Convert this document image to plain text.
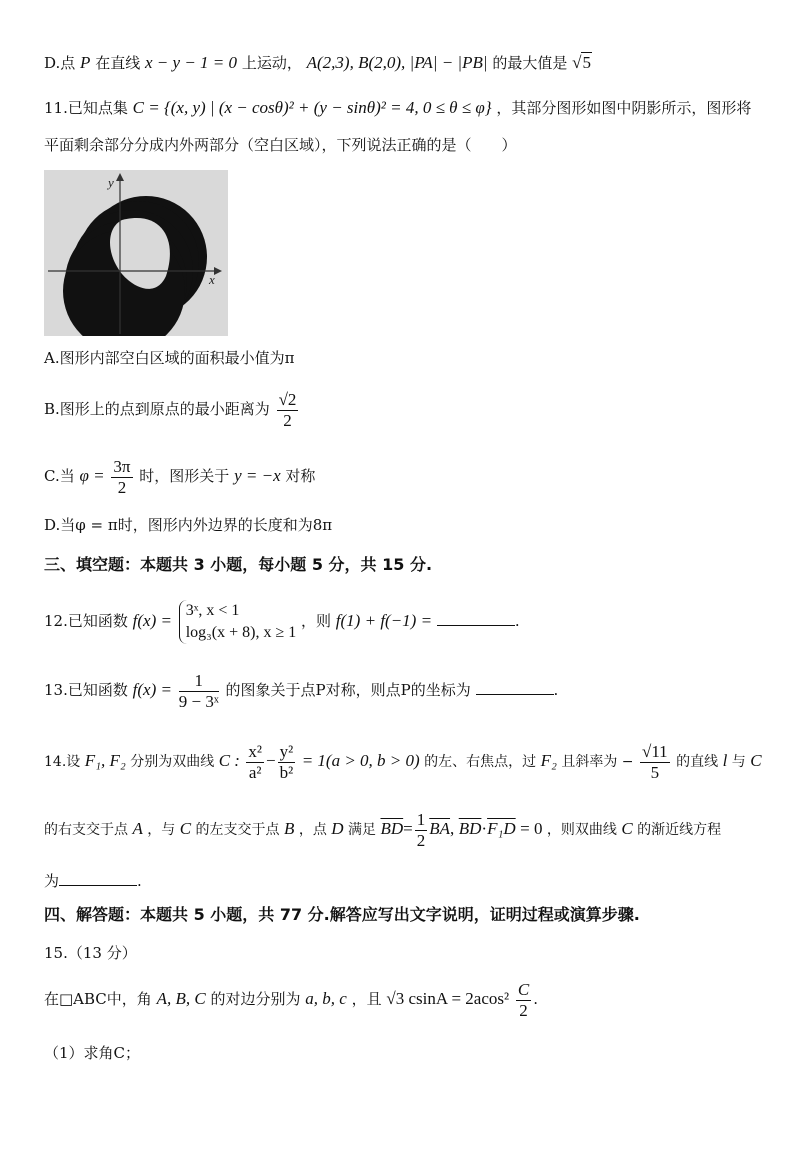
D.点 P 在直线 x − y − 1 = 0 上运动， A(2,3), B(2,0), |PA| − |PB| 的最大值是 √5
11.已知点集 C = {(x, y) | (x − cosθ)² + (y − sinθ)² = 4, 0 ≤ θ ≤ φ} ，其部分图形如图中阴影所示，图形将
平面剩余部分分成内外两部分（空白区域），下列说法正确的是（　　）
y
x
A.图形内部空白区域的面积最小值为π
B.图形上的点到原点的最小距离为 $\frac{√2}{2}$
C.当 $\varphi = \frac{3\pi}{2}$ 时，图形关于 y = −x 对称
D.当φ = π时，图形内外边界的长度和为8π
三、填空题：本题共 3 小题，每小题 5 分，共 15 分.
12.已知函数 f(x) =
3ˣ, x < 1
log₃(x + 8), x ≥ 1
，则 f(1) + f(−1) =	.
13.已知函数 $f(x) = \frac{1}{\text{9 − 3ˣ}}$ 的图象关于点P对称，则点P的坐标为	.
14.设 F₁, F₂ 分别为双曲线 C : $\frac{\text{x²}}{\text{a²}} - \frac{\text{y²}}{\text{b²}} = 1(a > 0$, b > 0) 的左、右焦点，过 F₂ 且斜率为 − $\frac{√11}{5}$ 的直线 l 与 C
的右支交于点 A ，与 C 的左支交于点 B ，点 D 满足 $\overline{BD}= \frac{1}{2} \overline{BA}$, $\overline{BD}\cdot F_1D = 0$ ，则双曲线 C 的渐近线方程
为	.
四、解答题：本题共 5 小题，共 77 分.解答应写出文字说明，证明过程或演算步骤.
15.（13 分）
在□ABC中，角 A, B, C 的对边分别为 a, b, c ，且 √3 $csinA = 2acos^2 \frac{C}{2}$ .
（1）求角C；
